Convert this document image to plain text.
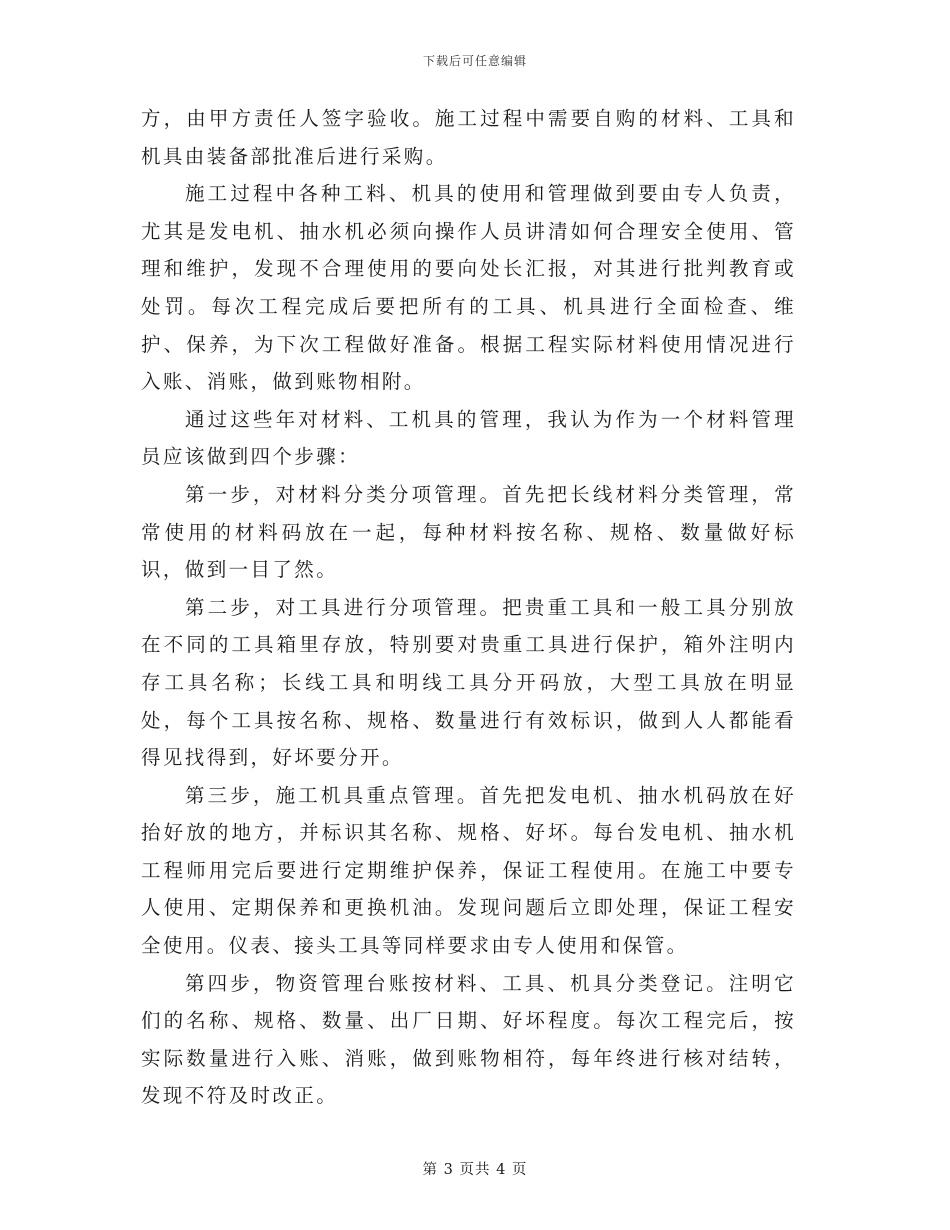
下载后可任意编辑

方，由甲方责任人签字验收。施工过程中需要自购的材料、工具和机具由装备部批准后进行采购。

施工过程中各种工料、机具的使用和管理做到要由专人负责，尤其是发电机、抽水机必须向操作人员讲清如何合理安全使用、管理和维护，发现不合理使用的要向处长汇报，对其进行批判教育或处罚。每次工程完成后要把所有的工具、机具进行全面检查、维护、保养，为下次工程做好准备。根据工程实际材料使用情况进行入账、消账，做到账物相附。

通过这些年对材料、工机具的管理，我认为作为一个材料管理员应该做到四个步骤：

第一步，对材料分类分项管理。首先把长线材料分类管理，常常使用的材料码放在一起，每种材料按名称、规格、数量做好标识，做到一目了然。

第二步，对工具进行分项管理。把贵重工具和一般工具分别放在不同的工具箱里存放，特别要对贵重工具进行保护，箱外注明内存工具名称；长线工具和明线工具分开码放，大型工具放在明显处，每个工具按名称、规格、数量进行有效标识，做到人人都能看得见找得到，好坏要分开。

第三步，施工机具重点管理。首先把发电机、抽水机码放在好抬好放的地方，并标识其名称、规格、好坏。每台发电机、抽水机工程师用完后要进行定期维护保养，保证工程使用。在施工中要专人使用、定期保养和更换机油。发现问题后立即处理，保证工程安全使用。仪表、接头工具等同样要求由专人使用和保管。

第四步，物资管理台账按材料、工具、机具分类登记。注明它们的名称、规格、数量、出厂日期、好坏程度。每次工程完后，按实际数量进行入账、消账，做到账物相符，每年终进行核对结转，发现不符及时改正。

第 3 页共 4 页
